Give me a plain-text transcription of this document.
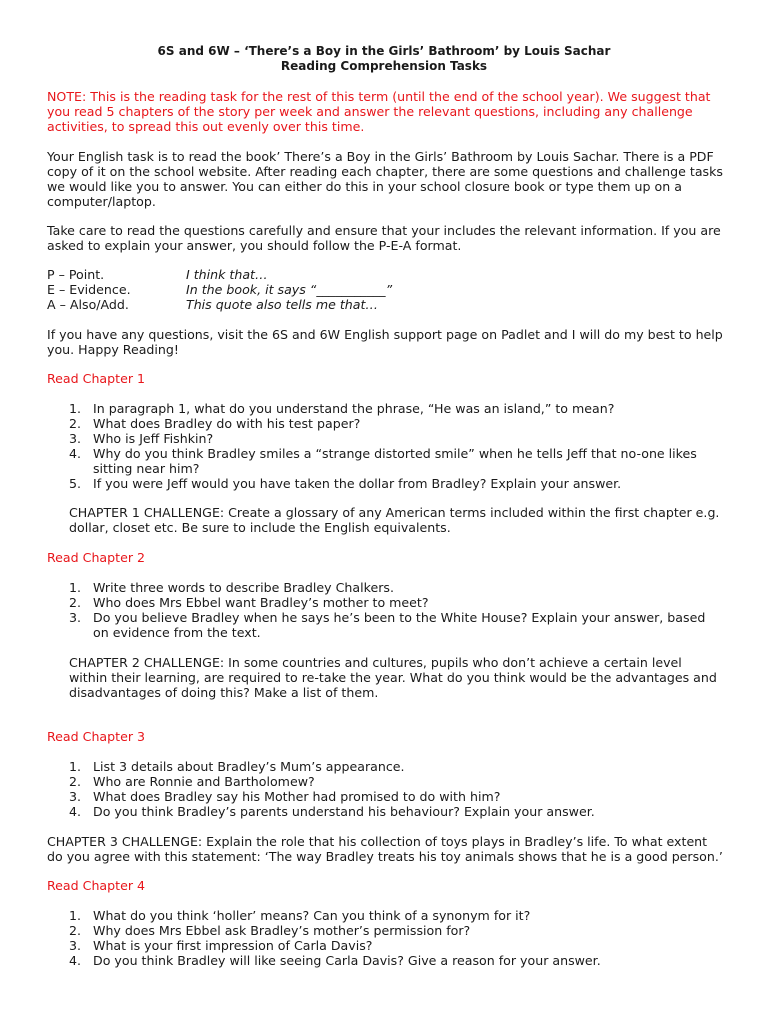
6S and 6W – ‘There’s a Boy in the Girls’ Bathroom’ by Louis Sachar
Reading Comprehension Tasks

NOTE: This is the reading task for the rest of this term (until the end of the school year). We suggest that you read 5 chapters of the story per week and answer the relevant questions, including any challenge activities, to spread this out evenly over this time.

Your English task is to read the book’ There’s a Boy in the Girls’ Bathroom by Louis Sachar. There is a PDF copy of it on the school website. After reading each chapter, there are some questions and challenge tasks we would like you to answer. You can either do this in your school closure book or type them up on a computer/laptop.

Take care to read the questions carefully and ensure that your includes the relevant information. If you are asked to explain your answer, you should follow the P-E-A format.

P – Point.	I think that…
E – Evidence.	In the book, it says “___________”
A – Also/Add.	This quote also tells me that…

If you have any questions, visit the 6S and 6W English support page on Padlet and I will do my best to help you. Happy Reading!

Read Chapter 1
1. In paragraph 1, what do you understand the phrase, “He was an island,” to mean?
2. What does Bradley do with his test paper?
3. Who is Jeff Fishkin?
4. Why do you think Bradley smiles a “strange distorted smile” when he tells Jeff that no-one likes sitting near him?
5. If you were Jeff would you have taken the dollar from Bradley? Explain your answer.

CHAPTER 1 CHALLENGE: Create a glossary of any American terms included within the first chapter e.g. dollar, closet etc. Be sure to include the English equivalents.

Read Chapter 2
1. Write three words to describe Bradley Chalkers.
2. Who does Mrs Ebbel want Bradley’s mother to meet?
3. Do you believe Bradley when he says he’s been to the White House? Explain your answer, based on evidence from the text.

CHAPTER 2 CHALLENGE: In some countries and cultures, pupils who don’t achieve a certain level within their learning, are required to re-take the year. What do you think would be the advantages and disadvantages of doing this? Make a list of them.

Read Chapter 3
1. List 3 details about Bradley’s Mum’s appearance.
2. Who are Ronnie and Bartholomew?
3. What does Bradley say his Mother had promised to do with him?
4. Do you think Bradley’s parents understand his behaviour? Explain your answer.

CHAPTER 3 CHALLENGE: Explain the role that his collection of toys plays in Bradley’s life. To what extent do you agree with this statement: ‘The way Bradley treats his toy animals shows that he is a good person.’

Read Chapter 4
1. What do you think ‘holler’ means? Can you think of a synonym for it?
2. Why does Mrs Ebbel ask Bradley’s mother’s permission for?
3. What is your first impression of Carla Davis?
4. Do you think Bradley will like seeing Carla Davis? Give a reason for your answer.
